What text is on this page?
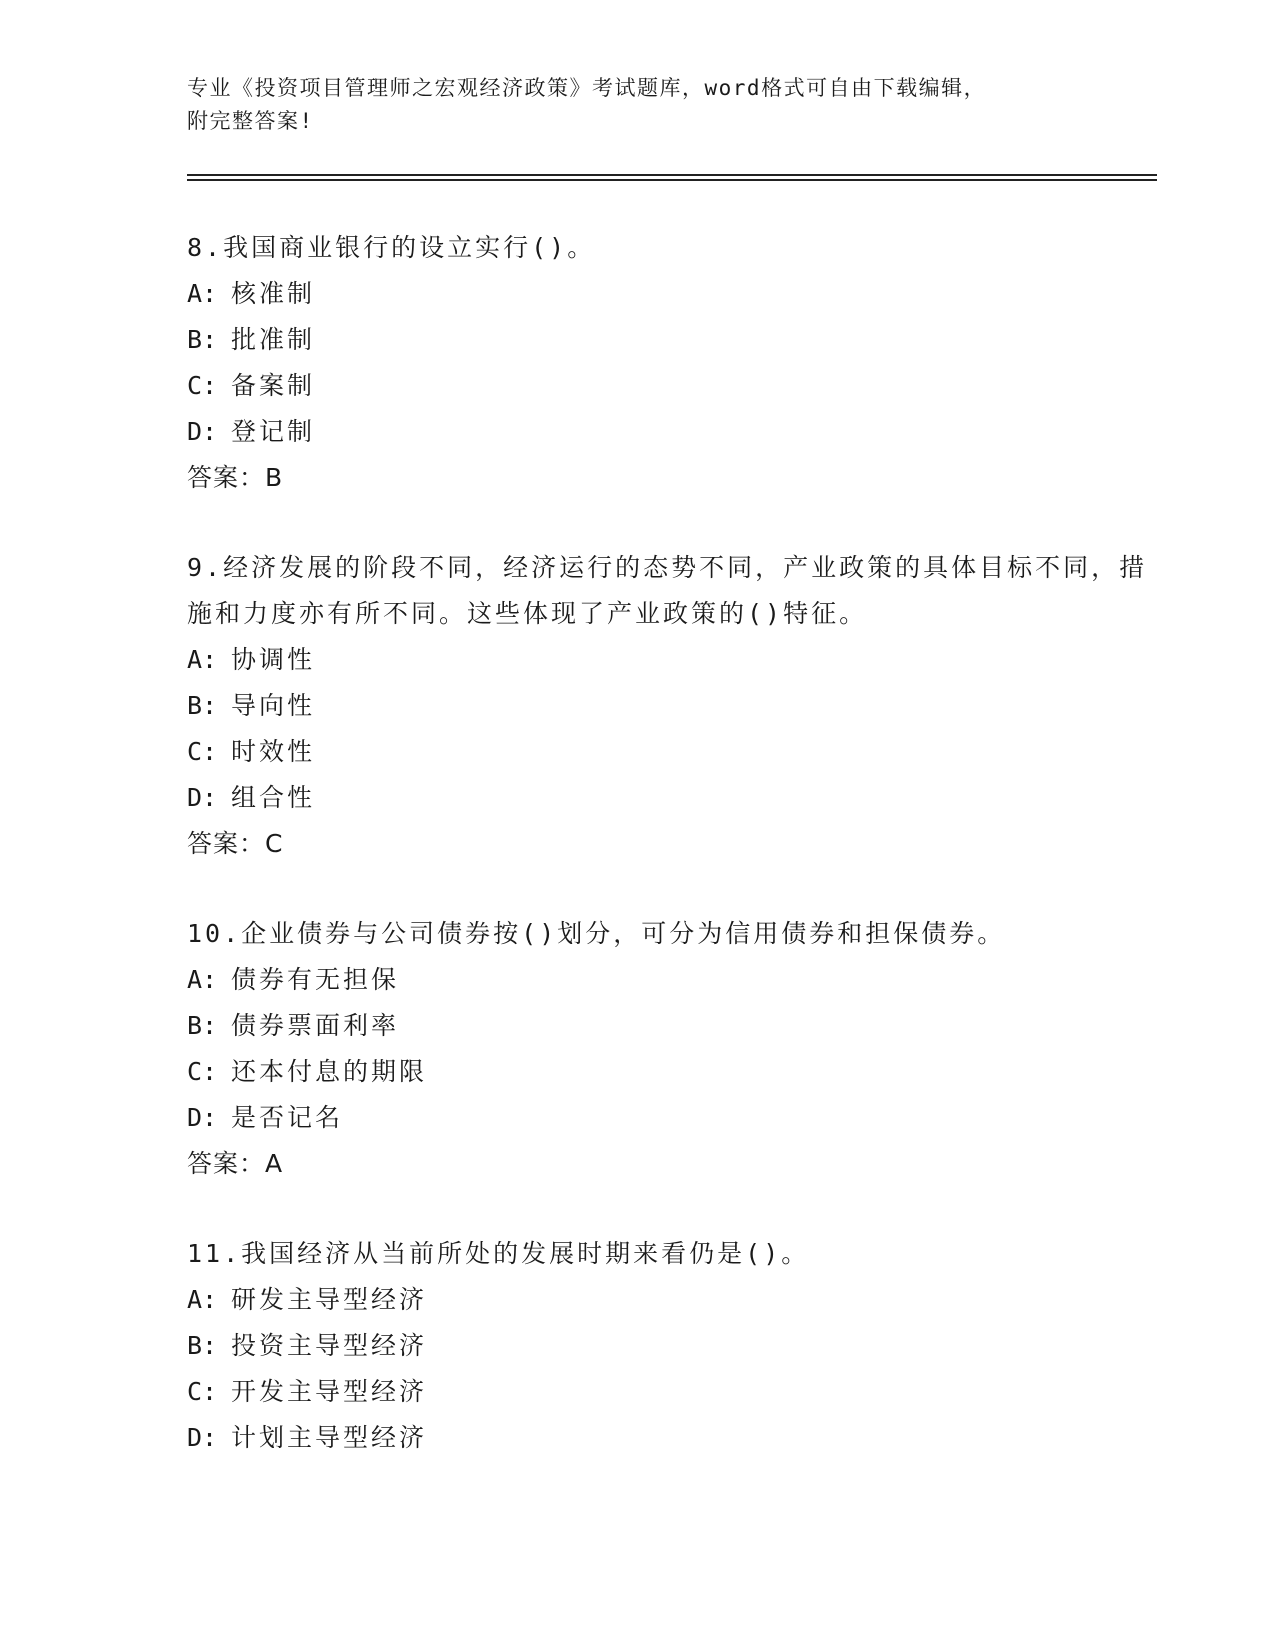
专业《投资项目管理师之宏观经济政策》考试题库，word格式可自由下载编辑，

附完整答案!

8.我国商业银行的设立实行()。

A: 核准制

B: 批准制

C: 备案制

D: 登记制

答案：B

9.经济发展的阶段不同，经济运行的态势不同，产业政策的具体目标不同，措施和力度亦有所不同。这些体现了产业政策的()特征。

A: 协调性

B: 导向性

C: 时效性

D: 组合性

答案：C

10.企业债券与公司债券按()划分，可分为信用债券和担保债券。

A: 债券有无担保

B: 债券票面利率

C: 还本付息的期限

D: 是否记名

答案：A

11.我国经济从当前所处的发展时期来看仍是()。

A: 研发主导型经济

B: 投资主导型经济

C: 开发主导型经济

D: 计划主导型经济
